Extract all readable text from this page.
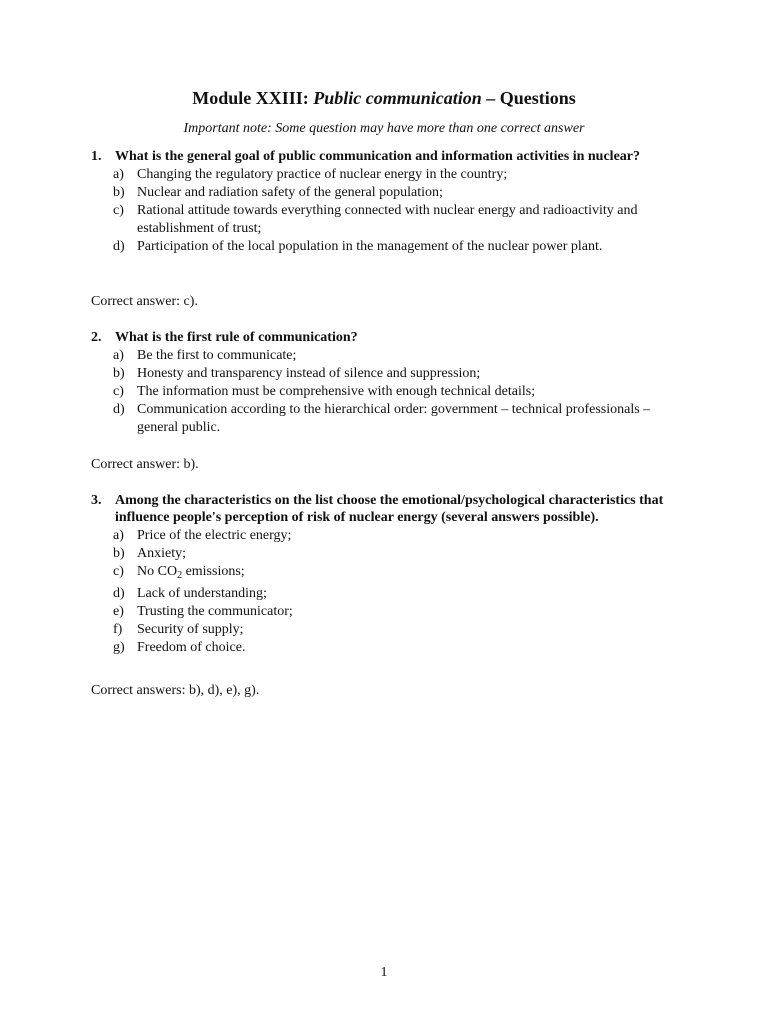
Module XXIII: Public communication – Questions

Important note: Some question may have more than one correct answer

1. What is the general goal of public communication and information activities in nuclear?
a) Changing the regulatory practice of nuclear energy in the country;
b) Nuclear and radiation safety of the general population;
c) Rational attitude towards everything connected with nuclear energy and radioactivity and establishment of trust;
d) Participation of the local population in the management of the nuclear power plant.
Correct answer: c).
2. What is the first rule of communication?
a) Be the first to communicate;
b) Honesty and transparency instead of silence and suppression;
c) The information must be comprehensive with enough technical details;
d) Communication according to the hierarchical order: government – technical professionals – general public.
Correct answer: b).
3. Among the characteristics on the list choose the emotional/psychological characteristics that influence people's perception of risk of nuclear energy (several answers possible).
a) Price of the electric energy;
b) Anxiety;
c) No $CO_2$ emissions;
d) Lack of understanding;
e) Trusting the communicator;
f) Security of supply;
g) Freedom of choice.
Correct answers: b), d), e), g).
1
